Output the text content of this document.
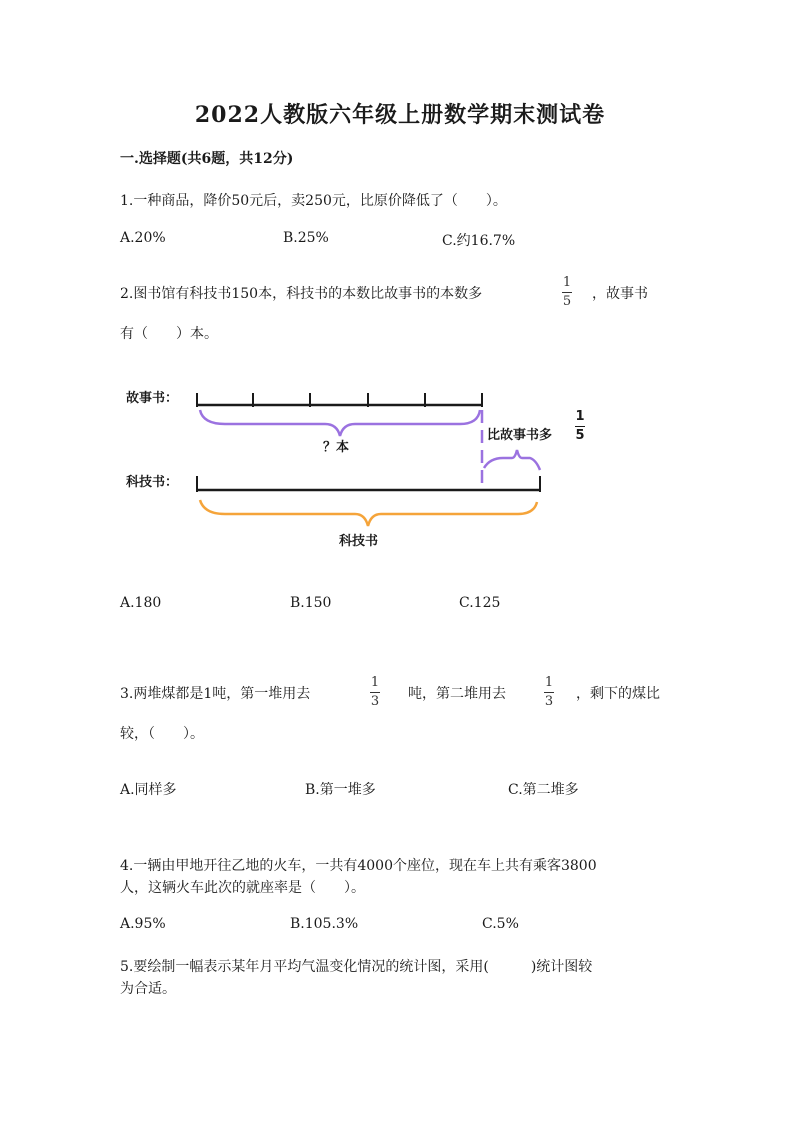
2022人教版六年级上册数学期末测试卷
一.选择题(共6题，共12分)
1.一种商品，降价50元后，卖250元，比原价降低了（　　）。
A.20%	B.25%	C.约16.7%
2.图书馆有科技书150本，科技书的本数比故事书的本数多
1
5 ，故事书
有（　　）本。
故事书：
？本
比故事书多
1
5
科技书：
科技书
A.180	B.150	C.125
3.两堆煤都是1吨，第一堆用去
1
3 吨，第二堆用去
1
3 ，剩下的煤比
较，（　　）。
A.同样多	B.第一堆多	C.第二堆多
4.一辆由甲地开往乙地的火车，一共有4000个座位，现在车上共有乘客3800
人，这辆火车此次的就座率是（　　）。
A.95%	B.105.3%	C.5%
5.要绘制一幅表示某年月平均气温变化情况的统计图，采用(　　　)统计图较
为合适。
